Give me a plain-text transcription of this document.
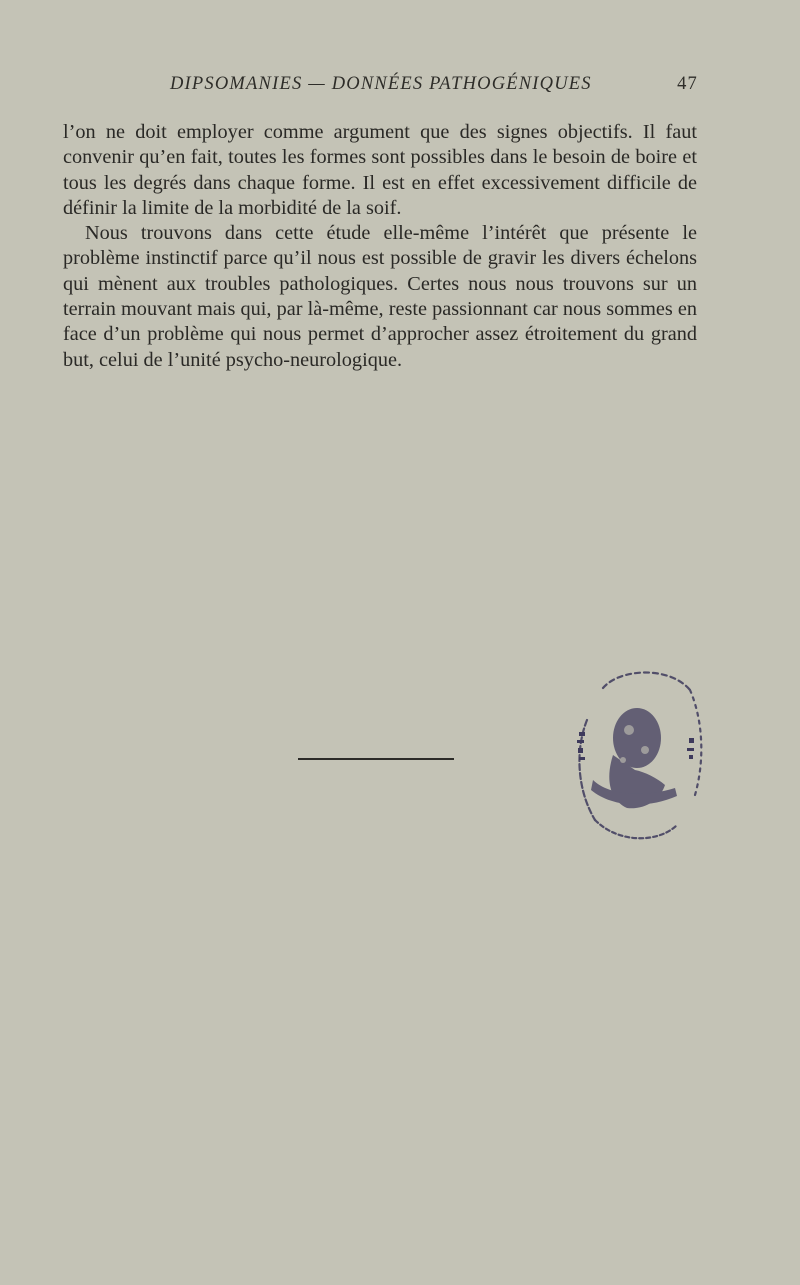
DIPSOMANIES — DONNÉES PATHOGÉNIQUES	47

l’on ne doit employer comme argument que des signes objectifs. Il faut convenir qu’en fait, toutes les formes sont possibles dans le besoin de boire et tous les degrés dans chaque forme. Il est en effet excessivement difficile de définir la limite de la morbidité de la soif.

Nous trouvons dans cette étude elle-même l’intérêt que présente le problème instinctif parce qu’il nous est possible de gravir les divers échelons qui mènent aux troubles pathologiques. Certes nous nous trouvons sur un terrain mouvant mais qui, par là-même, reste passionnant car nous sommes en face d’un problème qui nous permet d’approcher assez étroitement du grand but, celui de l’unité psycho-neurologique.
